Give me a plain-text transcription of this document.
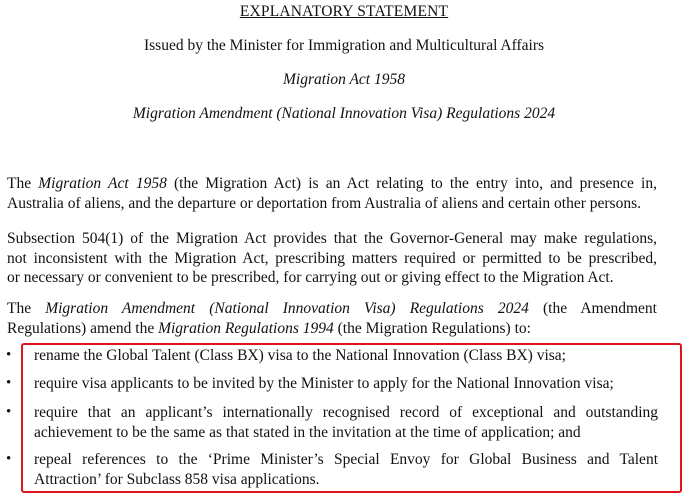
EXPLANATORY STATEMENT
Issued by the Minister for Immigration and Multicultural Affairs
Migration Act 1958
Migration Amendment (National Innovation Visa) Regulations 2024
The Migration Act 1958 (the Migration Act) is an Act relating to the entry into, and presence in,
Australia of aliens, and the departure or deportation from Australia of aliens and certain other persons.
Subsection 504(1) of the Migration Act provides that the Governor-General may make regulations,
not inconsistent with the Migration Act, prescribing matters required or permitted to be prescribed,
or necessary or convenient to be prescribed, for carrying out or giving effect to the Migration Act.
The Migration Amendment (National Innovation Visa) Regulations 2024 (the Amendment
Regulations) amend the Migration Regulations 1994 (the Migration Regulations) to:
• rename the Global Talent (Class BX) visa to the National Innovation (Class BX) visa;
• require visa applicants to be invited by the Minister to apply for the National Innovation visa;
• require that an applicant’s internationally recognised record of exceptional and outstanding
achievement to be the same as that stated in the invitation at the time of application; and
• repeal references to the ‘Prime Minister’s Special Envoy for Global Business and Talent
Attraction’ for Subclass 858 visa applications.
